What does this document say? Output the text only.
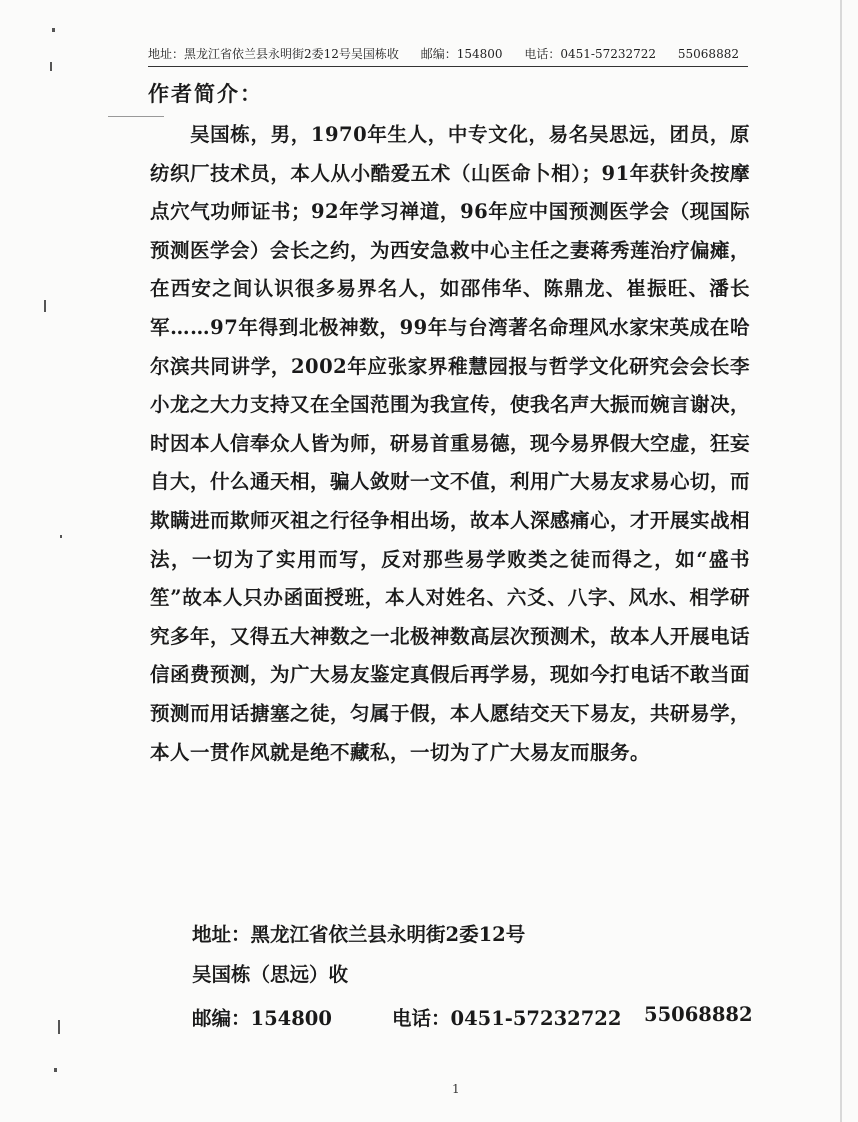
地址：黑龙江省依兰县永明街2委12号吴国栋收 邮编：154800 电话：0451-57232722 55068882
作者简介：

吴国栋，男，1970年生人，中专文化，易名吴思远，团员，原纺织厂技术员，本人从小酷爱五术（山医命卜相）；91年获针灸按摩点穴气功师证书；92年学习禅道，96年应中国预测医学会（现国际预测医学会）会长之约，为西安急救中心主任之妻蒋秀莲治疗偏瘫，在西安之间认识很多易界名人，如邵伟华、陈鼎龙、崔振旺、潘长军……97年得到北极神数，99年与台湾著名命理风水家宋英成在哈尔滨共同讲学，2002年应张家界稚慧园报与哲学文化研究会会长李小龙之大力支持又在全国范围为我宣传，使我名声大振而婉言谢决，时因本人信奉众人皆为师，研易首重易德，现今易界假大空虚，狂妄自大，什么通天相，骗人敛财一文不值，利用广大易友求易心切，而欺瞒进而欺师灭祖之行径争相出场，故本人深感痛心，才开展实战相法，一切为了实用而写，反对那些易学败类之徒而得之，如“盛书笙”故本人只办函面授班，本人对姓名、六爻、八字、风水、相学研究多年，又得五大神数之一北极神数高层次预测术，故本人开展电话信函费预测，为广大易友鉴定真假后再学易，现如今打电话不敢当面预测而用话搪塞之徒，匀属于假，本人愿结交天下易友，共研易学，本人一贯作风就是绝不藏私，一切为了广大易友而服务。

地址：黑龙江省依兰县永明街2委12号
吴国栋（思远）收
邮编：154800	电话：0451-57232722 55068882
1
